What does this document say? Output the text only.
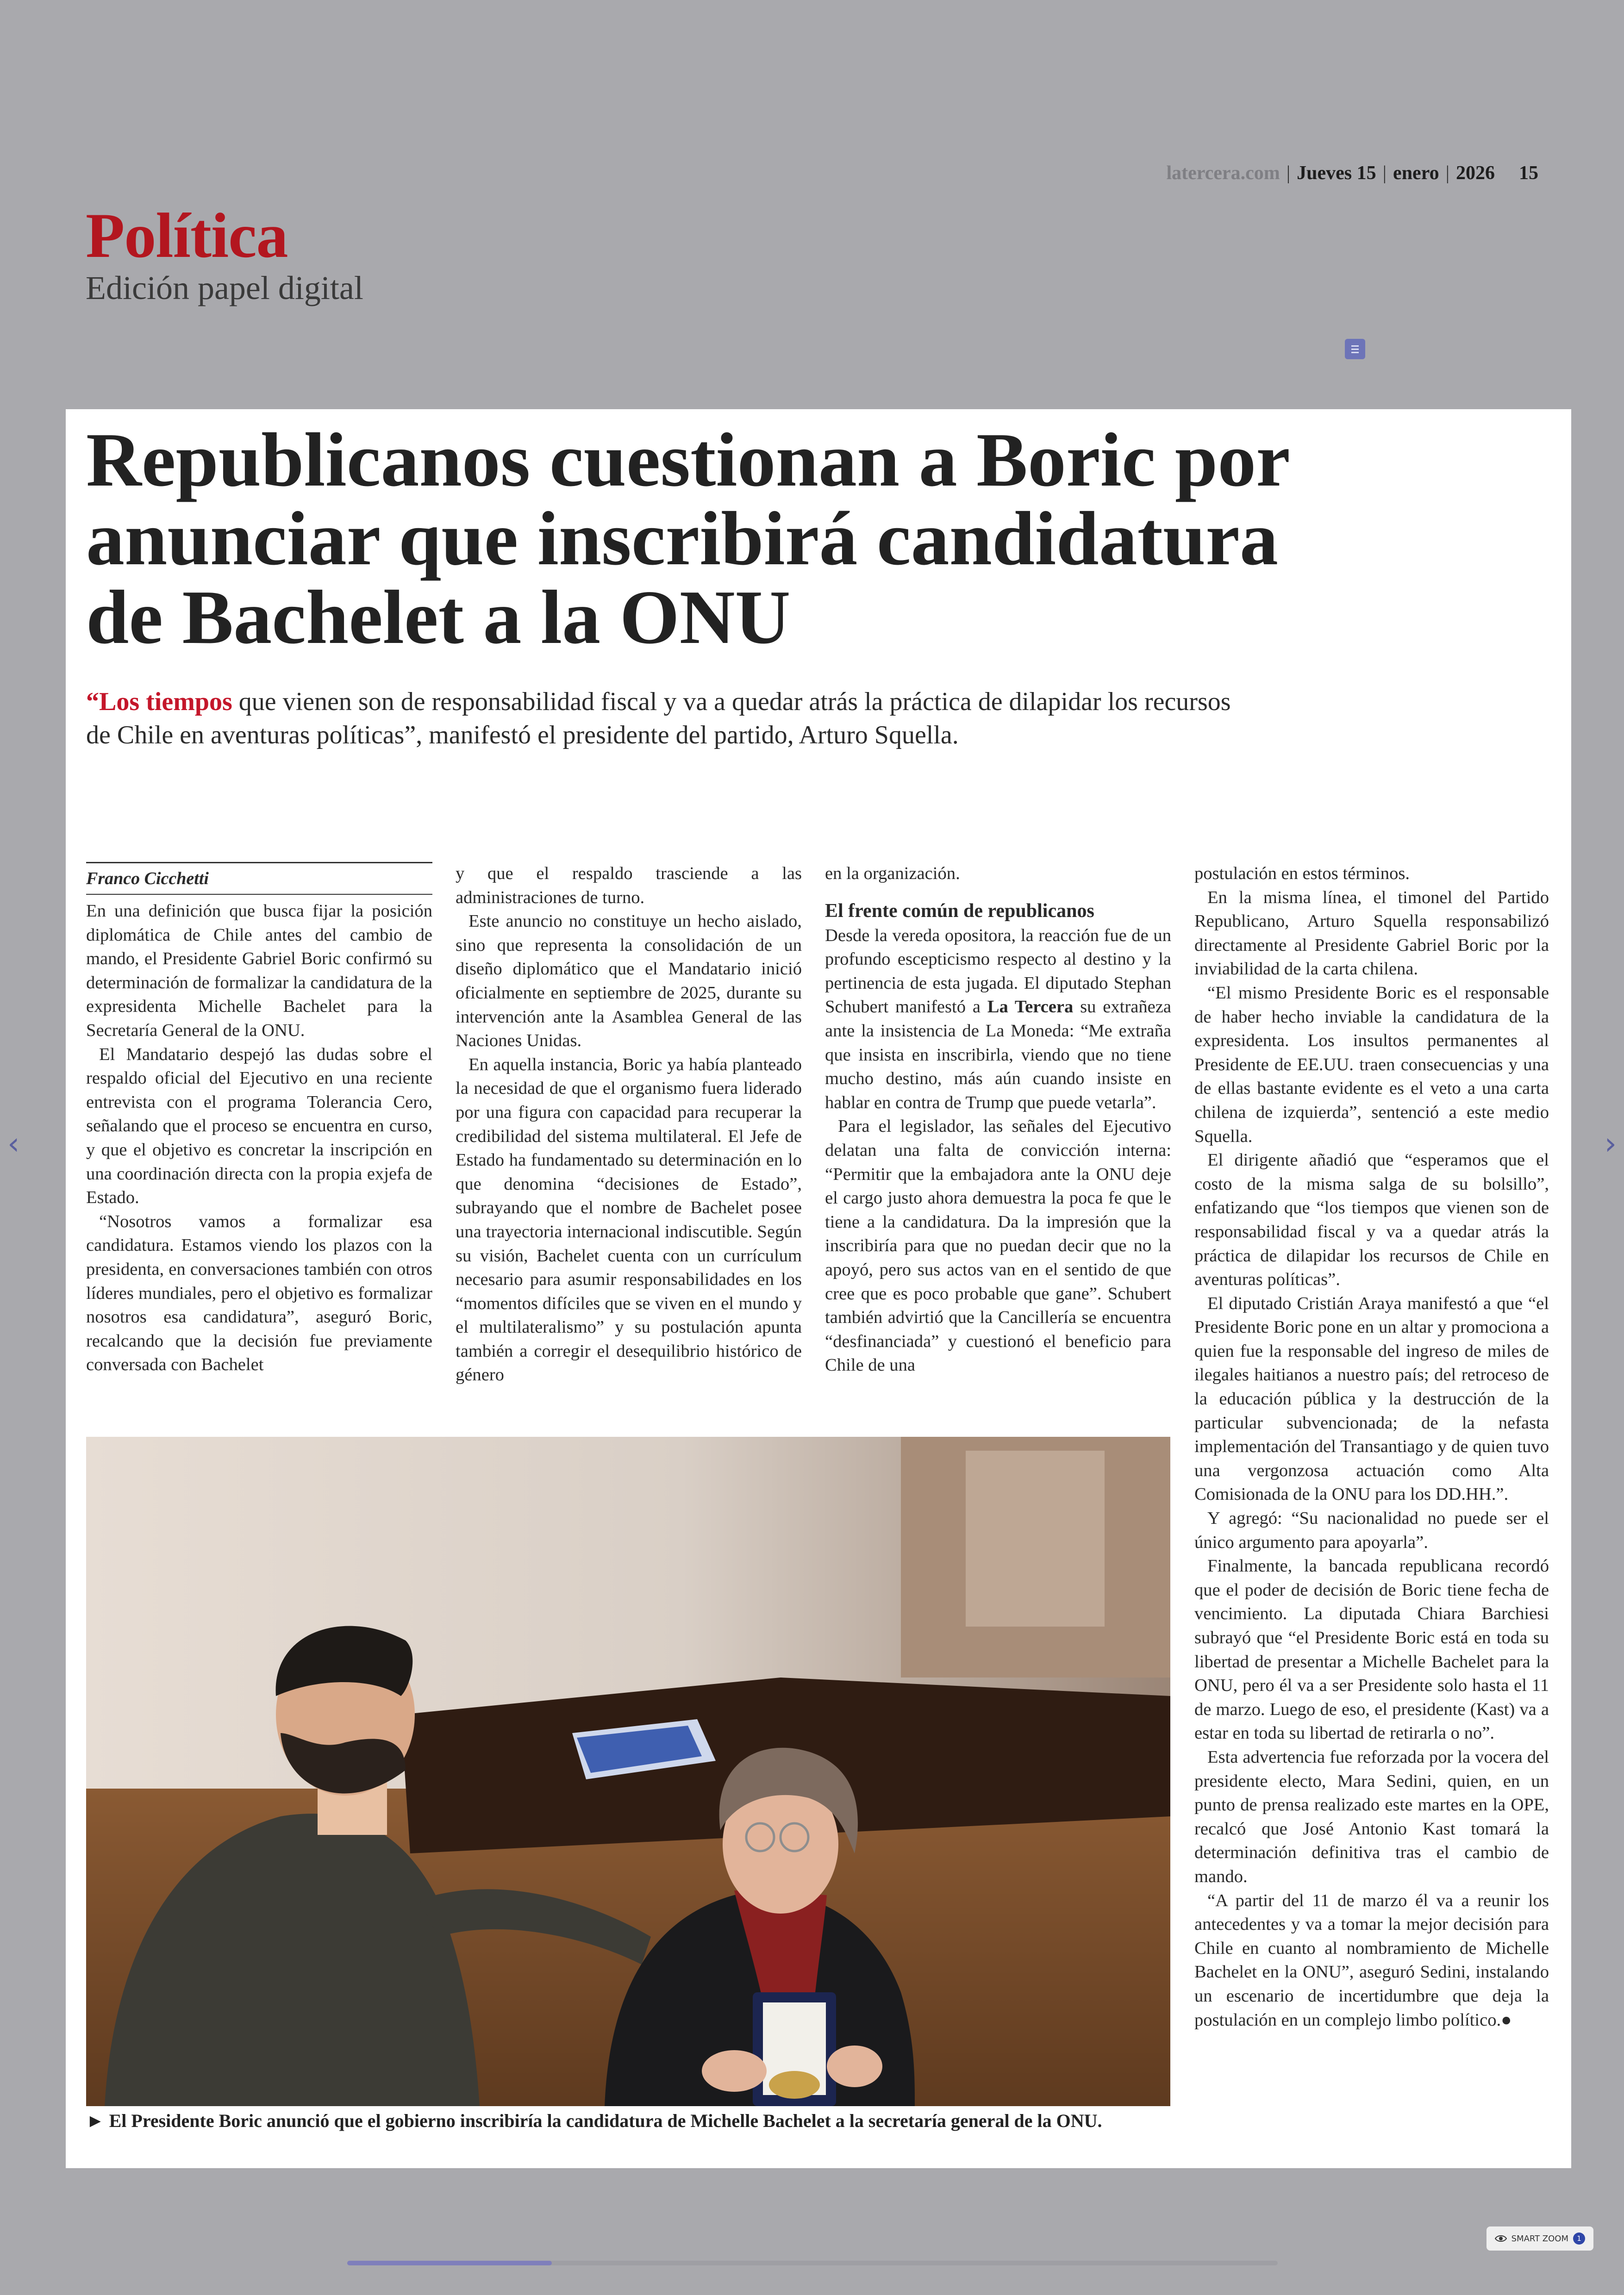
latercera.com | Jueves 15 | enero | 2026 15
Política
Edición papel digital
Republicanos cuestionan a Boric por anunciar que inscribirá candidatura de Bachelet a la ONU

“Los tiempos que vienen son de responsabilidad fiscal y va a quedar atrás la práctica de dilapidar los recursos de Chile en aventuras políticas”, manifestó el presidente del partido, Arturo Squella.

Franco Cicchetti

En una definición que busca fijar la posición diplomática de Chile antes del cambio de mando, el Presidente Gabriel Boric confirmó su determinación de formalizar la candidatura de la expresidenta Michelle Bachelet para la Secretaría General de la ONU.

El Mandatario despejó las dudas sobre el respaldo oficial del Ejecutivo en una reciente entrevista con el programa Tolerancia Cero, señalando que el proceso se encuentra en curso, y que el objetivo es concretar la inscripción en una coordinación directa con la propia exjefa de Estado.

“Nosotros vamos a formalizar esa candidatura. Estamos viendo los plazos con la presidenta, en conversaciones también con otros líderes mundiales, pero el objetivo es formalizar nosotros esa candidatura”, aseguró Boric, recalcando que la decisión fue previamente conversada con Bachelet

y que el respaldo trasciende a las administraciones de turno.

Este anuncio no constituye un hecho aislado, sino que representa la consolidación de un diseño diplomático que el Mandatario inició oficialmente en septiembre de 2025, durante su intervención ante la Asamblea General de las Naciones Unidas.

En aquella instancia, Boric ya había planteado la necesidad de que el organismo fuera liderado por una figura con capacidad para recuperar la credibilidad del sistema multilateral. El Jefe de Estado ha fundamentado su determinación en lo que denomina “decisiones de Estado”, subrayando que el nombre de Bachelet posee una trayectoria internacional indiscutible. Según su visión, Bachelet cuenta con un currículum necesario para asumir responsabilidades en los “momentos difíciles que se viven en el mundo y el multilateralismo” y su postulación apunta también a corregir el desequilibrio histórico de género

en la organización.

El frente común de republicanos

Desde la vereda opositora, la reacción fue de un profundo escepticismo respecto al destino y la pertinencia de esta jugada. El diputado Stephan Schubert manifestó a La Tercera su extrañeza ante la insistencia de La Moneda: “Me extraña que insista en inscribirla, viendo que no tiene mucho destino, más aún cuando insiste en hablar en contra de Trump que puede vetarla”.

Para el legislador, las señales del Ejecutivo delatan una falta de convicción interna: “Permitir que la embajadora ante la ONU deje el cargo justo ahora demuestra la poca fe que le tiene a la candidatura. Da la impresión que la inscribiría para que no puedan decir que no la apoyó, pero sus actos van en el sentido de que cree que es poco probable que gane”. Schubert también advirtió que la Cancillería se encuentra “desfinanciada” y cuestionó el beneficio para Chile de una

postulación en estos términos.

En la misma línea, el timonel del Partido Republicano, Arturo Squella responsabilizó directamente al Presidente Gabriel Boric por la inviabilidad de la carta chilena.

“El mismo Presidente Boric es el responsable de haber hecho inviable la candidatura de la expresidenta. Los insultos permanentes al Presidente de EE.UU. traen consecuencias y una de ellas bastante evidente es el veto a una carta chilena de izquierda”, sentenció a este medio Squella.

El dirigente añadió que “esperamos que el costo de la misma salga de su bolsillo”, enfatizando que “los tiempos que vienen son de responsabilidad fiscal y va a quedar atrás la práctica de dilapidar los recursos de Chile en aventuras políticas”.

El diputado Cristián Araya manifestó a que “el Presidente Boric pone en un altar y promociona a quien fue la responsable del ingreso de miles de ilegales haitianos a nuestro país; del retroceso de la educación pública y la destrucción de la particular subvencionada; de la nefasta implementación del Transantiago y de quien tuvo una vergonzosa actuación como Alta Comisionada de la ONU para los DD.HH.”.

Y agregó: “Su nacionalidad no puede ser el único argumento para apoyarla”.

Finalmente, la bancada republicana recordó que el poder de decisión de Boric tiene fecha de vencimiento. La diputada Chiara Barchiesi subrayó que “el Presidente Boric está en toda su libertad de presentar a Michelle Bachelet para la ONU, pero él va a ser Presidente solo hasta el 11 de marzo. Luego de eso, el presidente (Kast) va a estar en toda su libertad de retirarla o no”.

Esta advertencia fue reforzada por la vocera del presidente electo, Mara Sedini, quien, en un punto de prensa realizado este martes en la OPE, recalcó que José Antonio Kast tomará la determinación definitiva tras el cambio de mando.

“A partir del 11 de marzo él va a reunir los antecedentes y va a tomar la mejor decisión para Chile en cuanto al nombramiento de Michelle Bachelet en la ONU”, aseguró Sedini, instalando un escenario de incertidumbre que deja la postulación en un complejo limbo político.●

► El Presidente Boric anunció que el gobierno inscribiría la candidatura de Michelle Bachelet a la secretaría general de la ONU.
‹	›
SMART ZOOM	1
